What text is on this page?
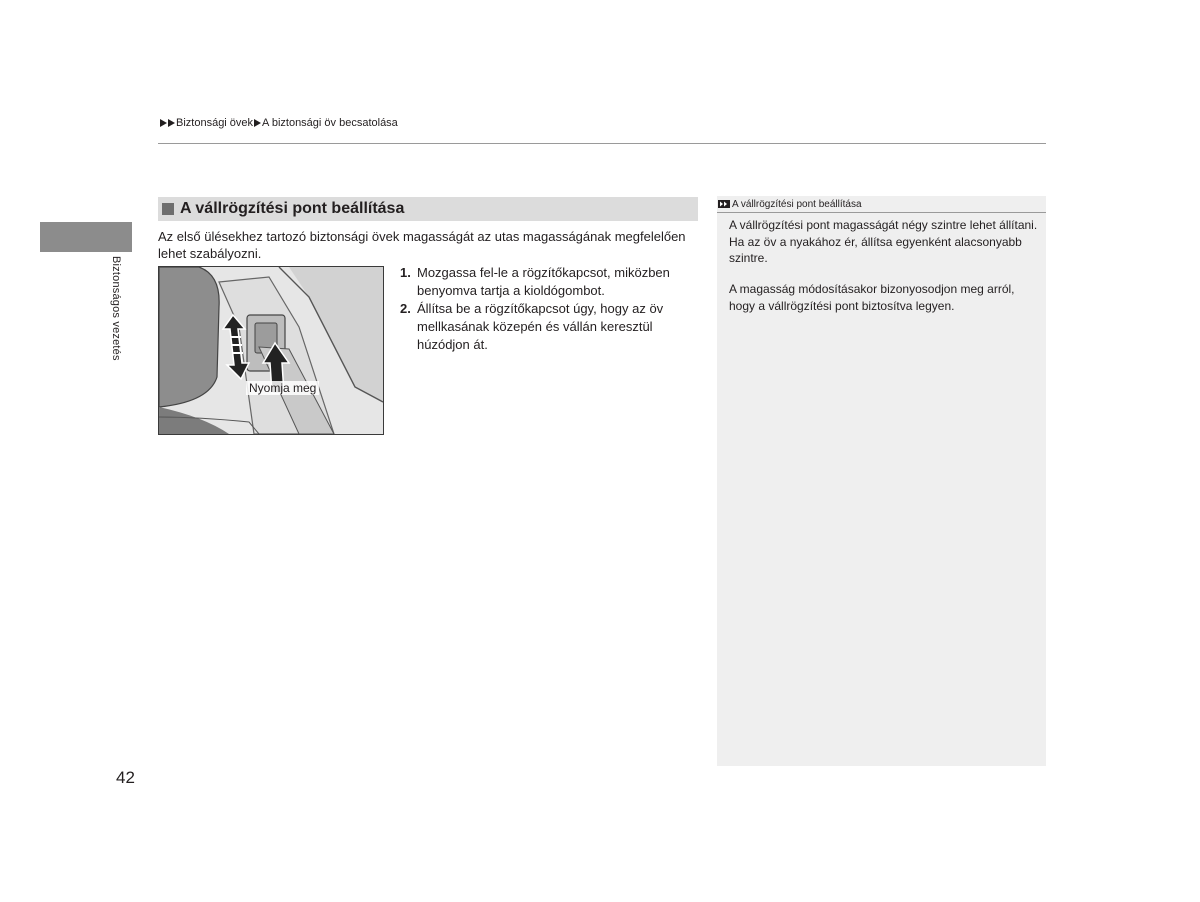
Biztonsági övek A biztonsági öv becsatolása
Biztonságos vezetés
42
A vállrögzítési pont beállítása
Az első ülésekhez tartozó biztonsági övek magasságát az utas magasságának megfelelően lehet szabályozni.
Nyomja meg
1. Mozgassa fel-le a rögzítőkapcsot, miközben benyomva tartja a kioldógombot.
2. Állítsa be a rögzítőkapcsot úgy, hogy az öv mellkasának közepén és vállán keresztül húzódjon át.
A vállrögzítési pont beállítása

A vállrögzítési pont magasságát négy szintre lehet állítani. Ha az öv a nyakához ér, állítsa egyenként alacsonyabb szintre.

A magasság módosításakor bizonyosodjon meg arról, hogy a vállrögzítési pont biztosítva legyen.
